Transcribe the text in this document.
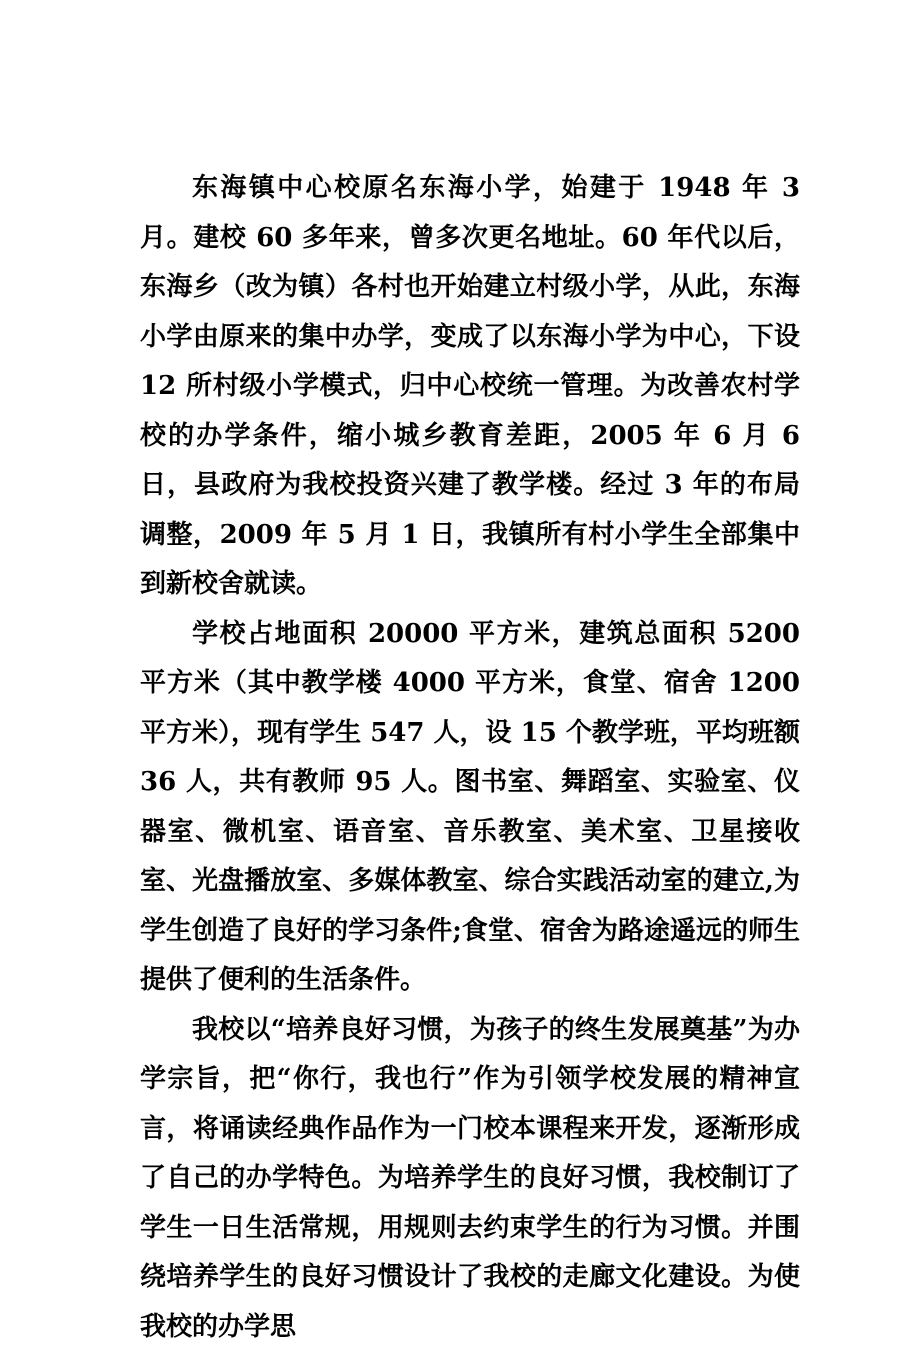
东海镇中心校原名东海小学，始建于 1948 年 3 月。建校 60 多年来，曾多次更名地址。60 年代以后，东海乡（改为镇）各村也开始建立村级小学，从此，东海小学由原来的集中办学，变成了以东海小学为中心，下设 12 所村级小学模式，归中心校统一管理。为改善农村学校的办学条件，缩小城乡教育差距，2005 年 6 月 6 日，县政府为我校投资兴建了教学楼。经过 3 年的布局调整，2009 年 5 月 1 日，我镇所有村小学生全部集中到新校舍就读。

学校占地面积 20000 平方米，建筑总面积 5200 平方米（其中教学楼 4000 平方米，食堂、宿舍 1200 平方米），现有学生 547 人，设 15 个教学班，平均班额 36 人，共有教师 95 人。图书室、舞蹈室、实验室、仪器室、微机室、语音室、音乐教室、美术室、卫星接收室、光盘播放室、多媒体教室、综合实践活动室的建立,为学生创造了良好的学习条件;食堂、宿舍为路途遥远的师生提供了便利的生活条件。

我校以“培养良好习惯，为孩子的终生发展奠基”为办学宗旨，把“你行，我也行”作为引领学校发展的精神宣言，将诵读经典作品作为一门校本课程来开发，逐渐形成了自己的办学特色。为培养学生的良好习惯，我校制订了学生一日生活常规，用规则去约束学生的行为习惯。并围绕培养学生的良好习惯设计了我校的走廊文化建设。为使我校的办学思
